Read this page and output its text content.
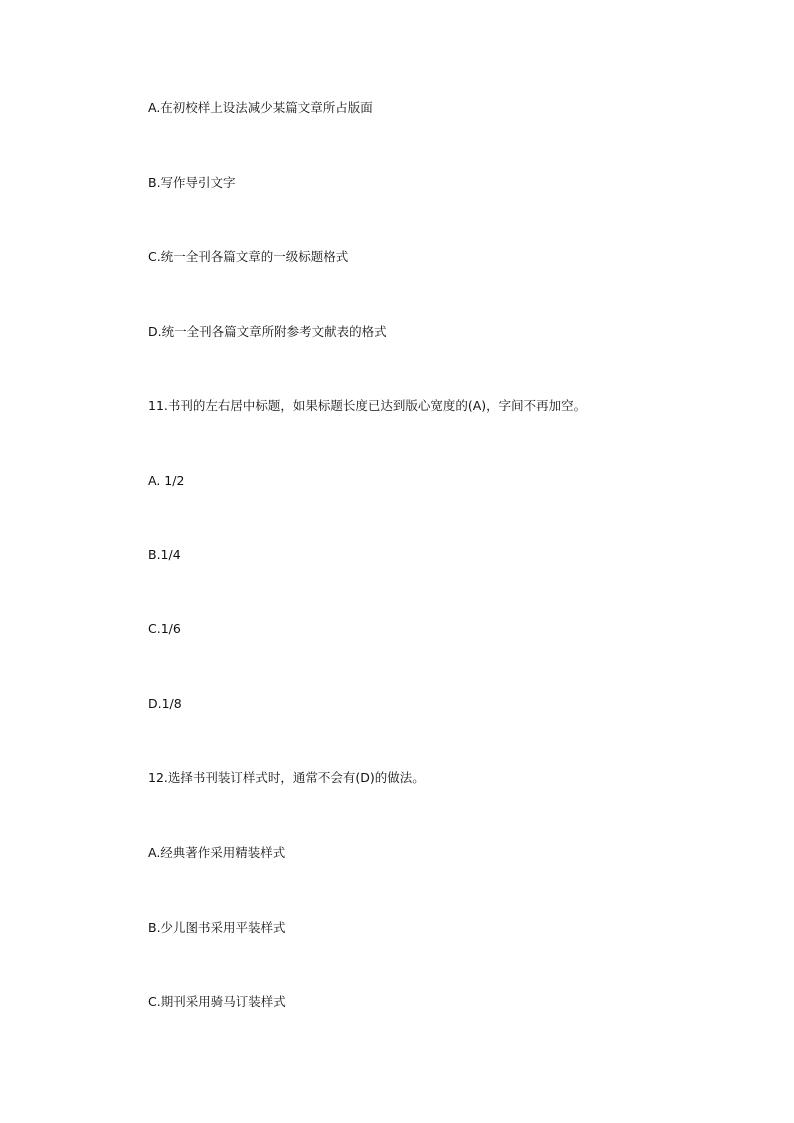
A.在初校样上设法减少某篇文章所占版面
B.写作导引文字
C.统一全刊各篇文章的一级标题格式
D.统一全刊各篇文章所附参考文献表的格式
11.书刊的左右居中标题，如果标题长度已达到版心宽度的(A)，字间不再加空。
A. 1/2
B.1/4
C.1/6
D.1/8
12.选择书刊装订样式时，通常不会有(D)的做法。
A.经典著作采用精装样式
B.少儿图书采用平装样式
C.期刊采用骑马订装样式
